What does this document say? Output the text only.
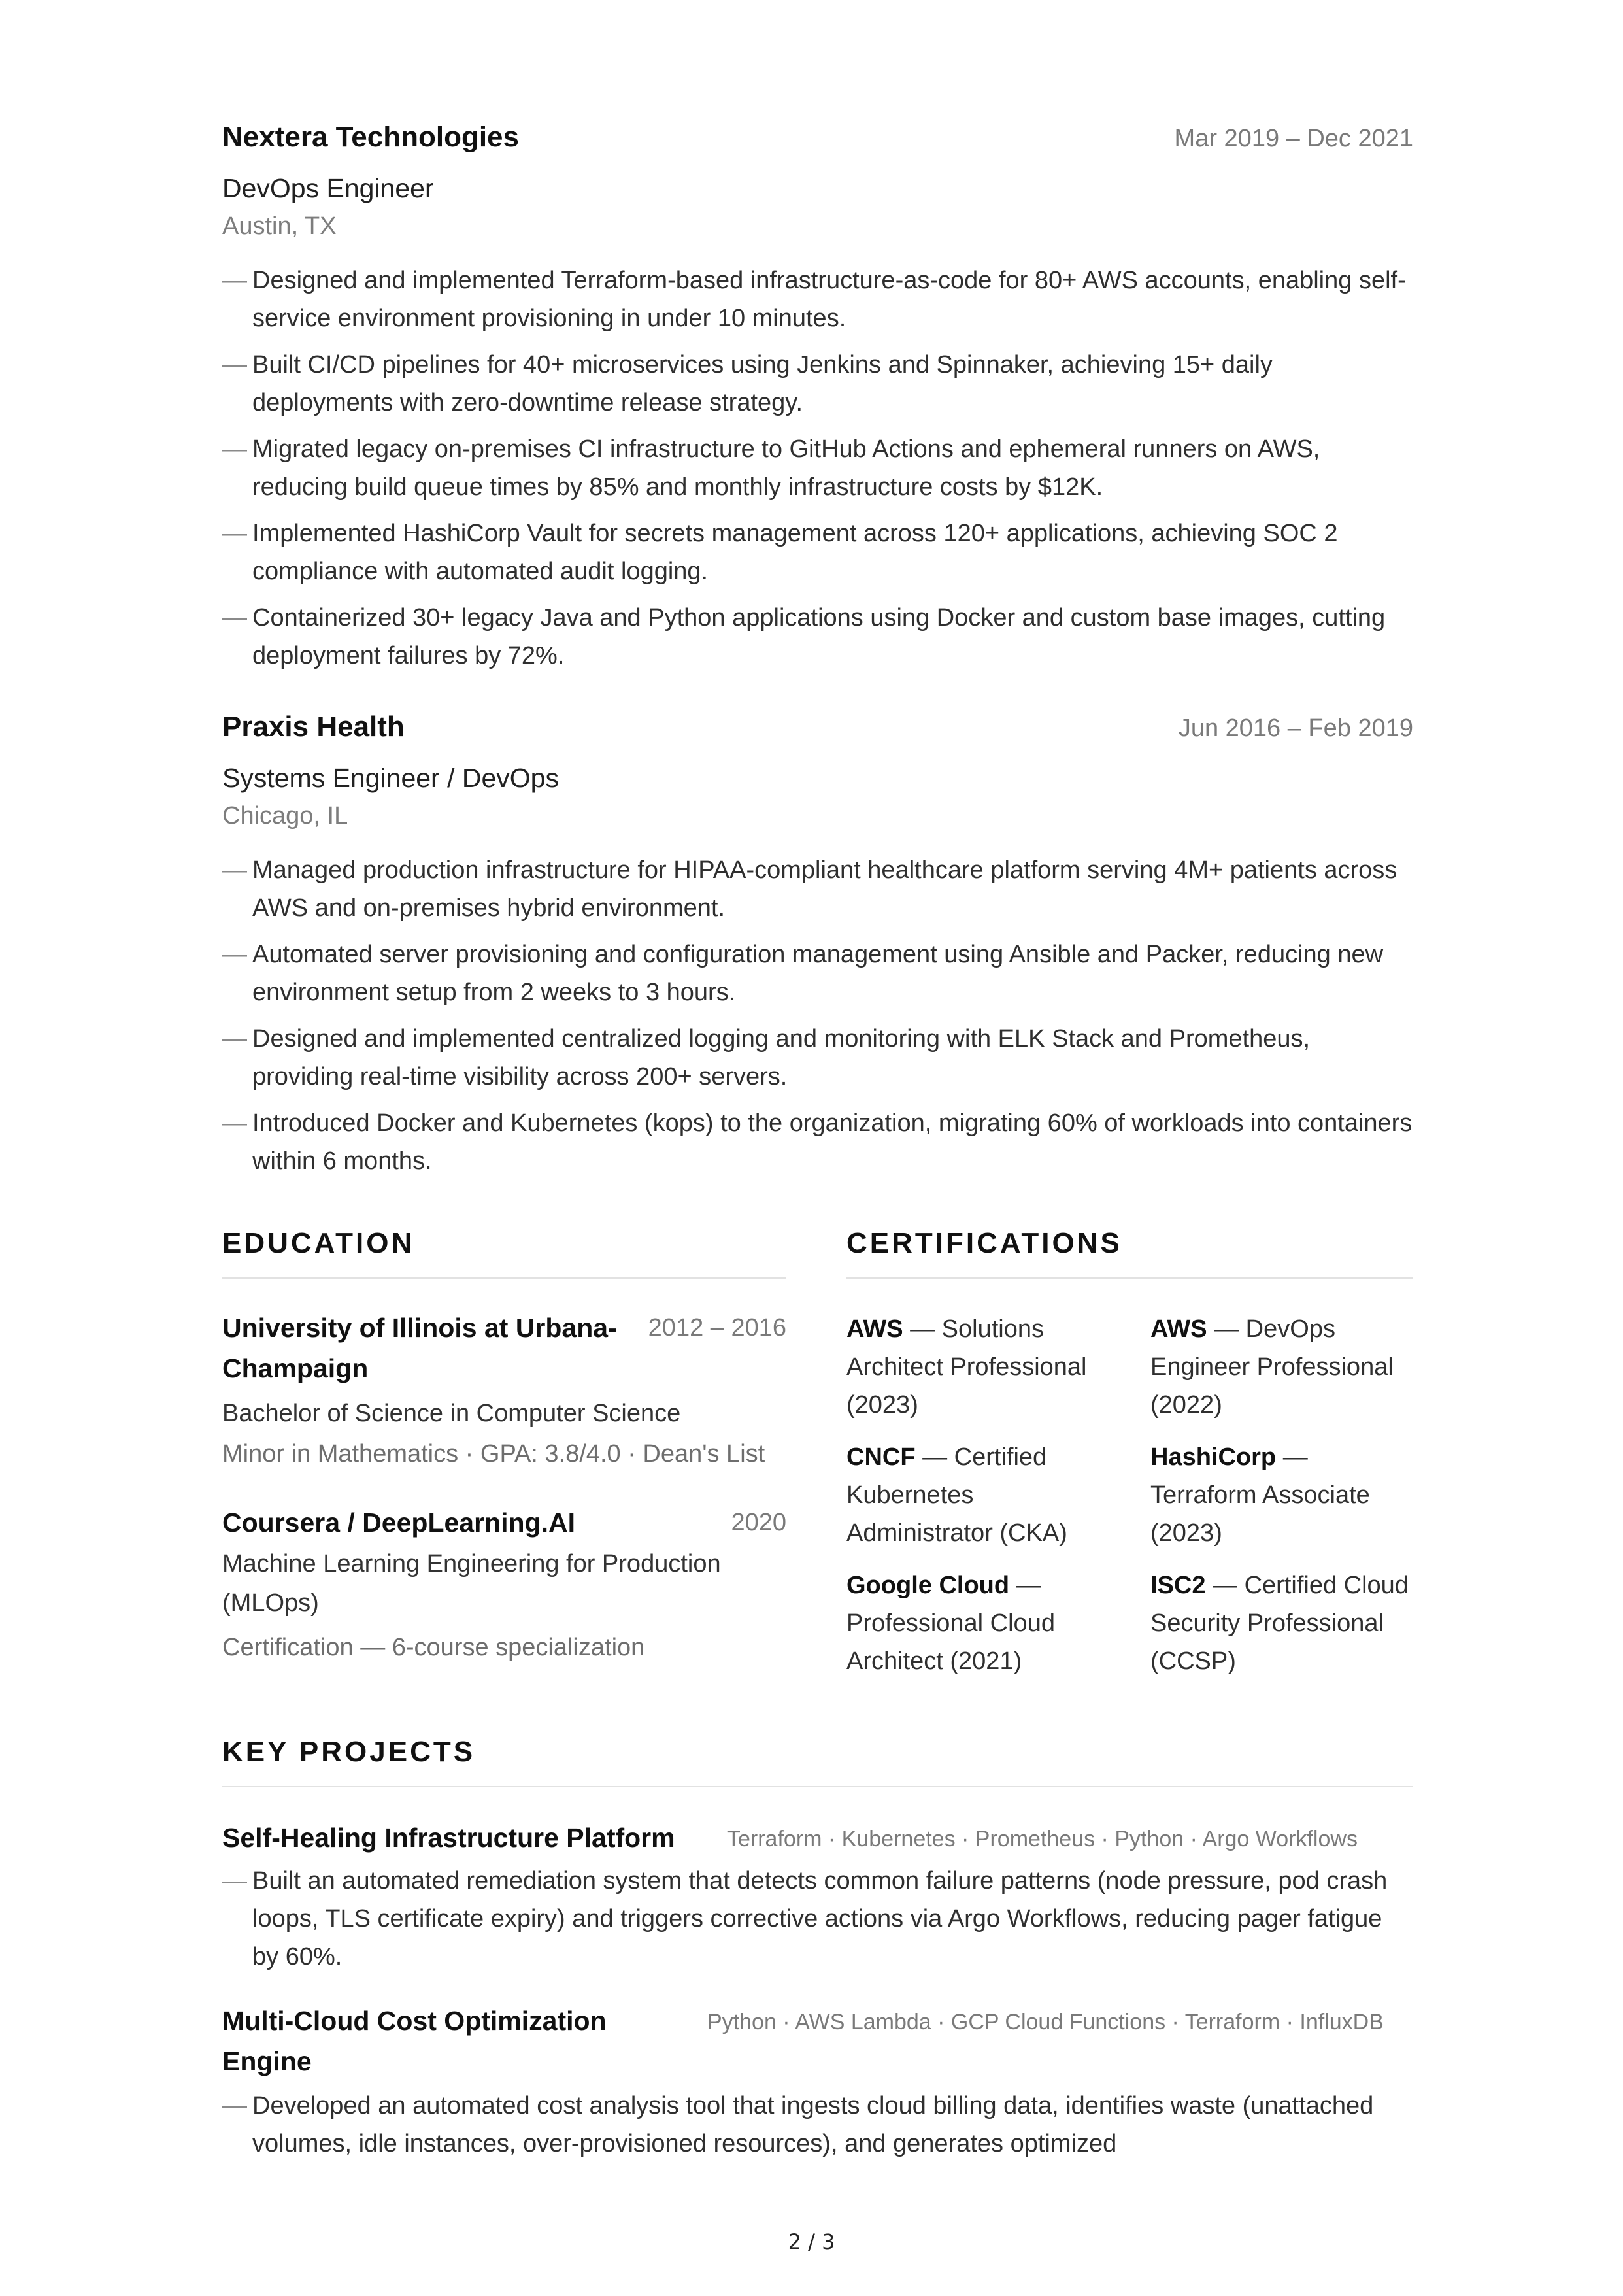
Nextera Technologies	Mar 2019 – Dec 2021
DevOps Engineer
Austin, TX
— Designed and implemented Terraform-based infrastructure-as-code for 80+ AWS accounts, enabling self-service environment provisioning in under 10 minutes.
— Built CI/CD pipelines for 40+ microservices using Jenkins and Spinnaker, achieving 15+ daily deployments with zero-downtime release strategy.
— Migrated legacy on-premises CI infrastructure to GitHub Actions and ephemeral runners on AWS, reducing build queue times by 85% and monthly infrastructure costs by $12K.
— Implemented HashiCorp Vault for secrets management across 120+ applications, achieving SOC 2 compliance with automated audit logging.
— Containerized 30+ legacy Java and Python applications using Docker and custom base images, cutting deployment failures by 72%.
Praxis Health	Jun 2016 – Feb 2019
Systems Engineer / DevOps
Chicago, IL
— Managed production infrastructure for HIPAA-compliant healthcare platform serving 4M+ patients across AWS and on-premises hybrid environment.
— Automated server provisioning and configuration management using Ansible and Packer, reducing new environment setup from 2 weeks to 3 hours.
— Designed and implemented centralized logging and monitoring with ELK Stack and Prometheus, providing real-time visibility across 200+ servers.
— Introduced Docker and Kubernetes (kops) to the organization, migrating 60% of workloads into containers within 6 months.
EDUCATION
University of Illinois at Urbana-Champaign
2012 – 2016
Bachelor of Science in Computer Science
Minor in Mathematics · GPA: 3.8/4.0 · Dean's List
Coursera / DeepLearning.AI	2020
Machine Learning Engineering for Production (MLOps)
Certification — 6-course specialization
CERTIFICATIONS
AWS — Solutions Architect Professional (2023)
AWS — DevOps Engineer Professional (2022)
CNCF — Certified Kubernetes Administrator (CKA)
HashiCorp — Terraform Associate (2023)
Google Cloud — Professional Cloud Architect (2021)
ISC2 — Certified Cloud Security Professional (CCSP)
KEY PROJECTS
Self-Healing Infrastructure Platform Terraform · Kubernetes · Prometheus · Python · Argo Workflows
— Built an automated remediation system that detects common failure patterns (node pressure, pod crash loops, TLS certificate expiry) and triggers corrective actions via Argo Workflows, reducing pager fatigue by 60%.
Multi-Cloud Cost Optimization Engine
Python · AWS Lambda · GCP Cloud Functions · Terraform · InfluxDB
— Developed an automated cost analysis tool that ingests cloud billing data, identifies waste (unattached volumes, idle instances, over-provisioned resources), and generates optimized
2 / 3
